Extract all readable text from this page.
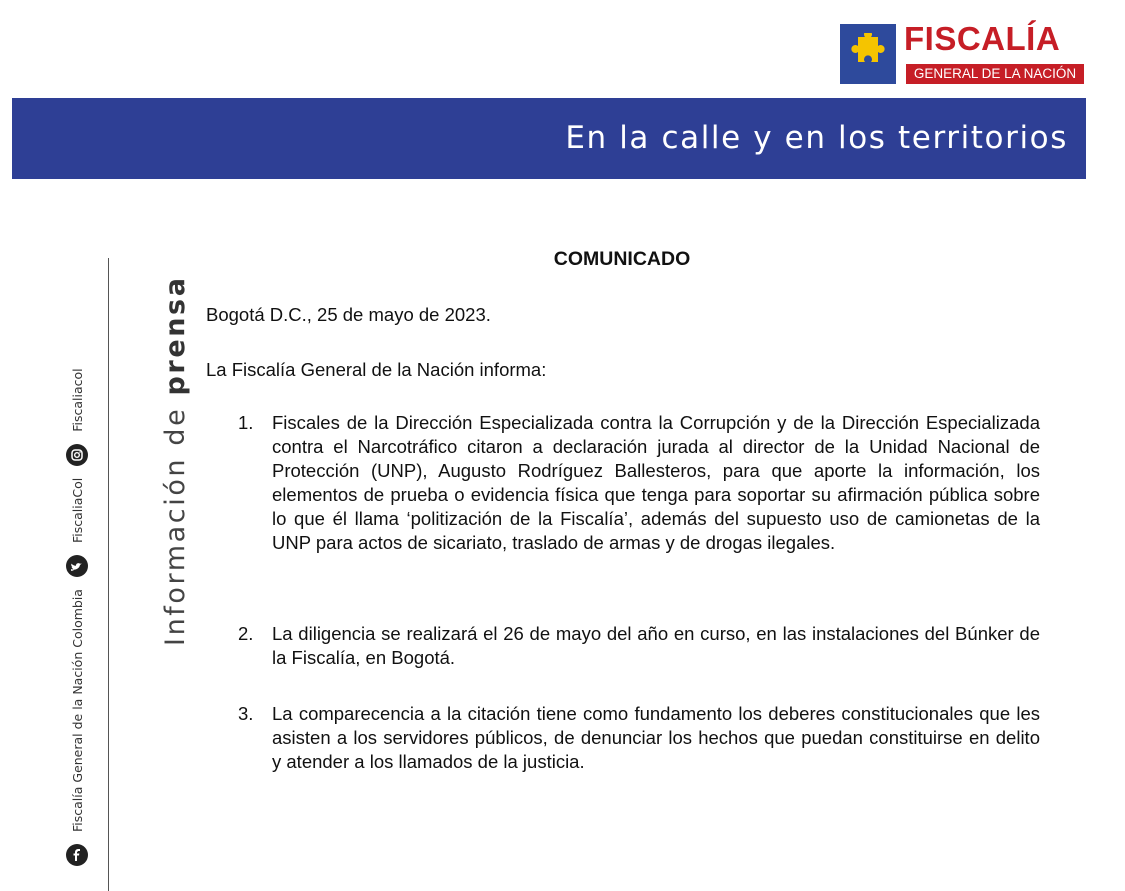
FISCALÍA
GENERAL DE LA NACIÓN
En la calle y en los territorios
Fiscalía General de la Nación Colombia
FiscaliaCol
Fiscaliacol
Información de prensa
COMUNICADO
Bogotá D.C., 25 de mayo de 2023.
La Fiscalía General de la Nación informa:
1. Fiscales de la Dirección Especializada contra la Corrupción y de la Dirección Especializada contra el Narcotráfico citaron a declaración jurada al director de la Unidad Nacional de Protección (UNP), Augusto Rodríguez Ballesteros, para que aporte la información, los elementos de prueba o evidencia física que tenga para soportar su afirmación pública sobre lo que él llama ‘politización de la Fiscalía’, además del supuesto uso de camionetas de la UNP para actos de sicariato, traslado de armas y de drogas ilegales.
2. La diligencia se realizará el 26 de mayo del año en curso, en las instalaciones del Búnker de la Fiscalía, en Bogotá.
3. La comparecencia a la citación tiene como fundamento los deberes constitucionales que les asisten a los servidores públicos, de denunciar los hechos que puedan constituirse en delito y atender a los llamados de la justicia.
